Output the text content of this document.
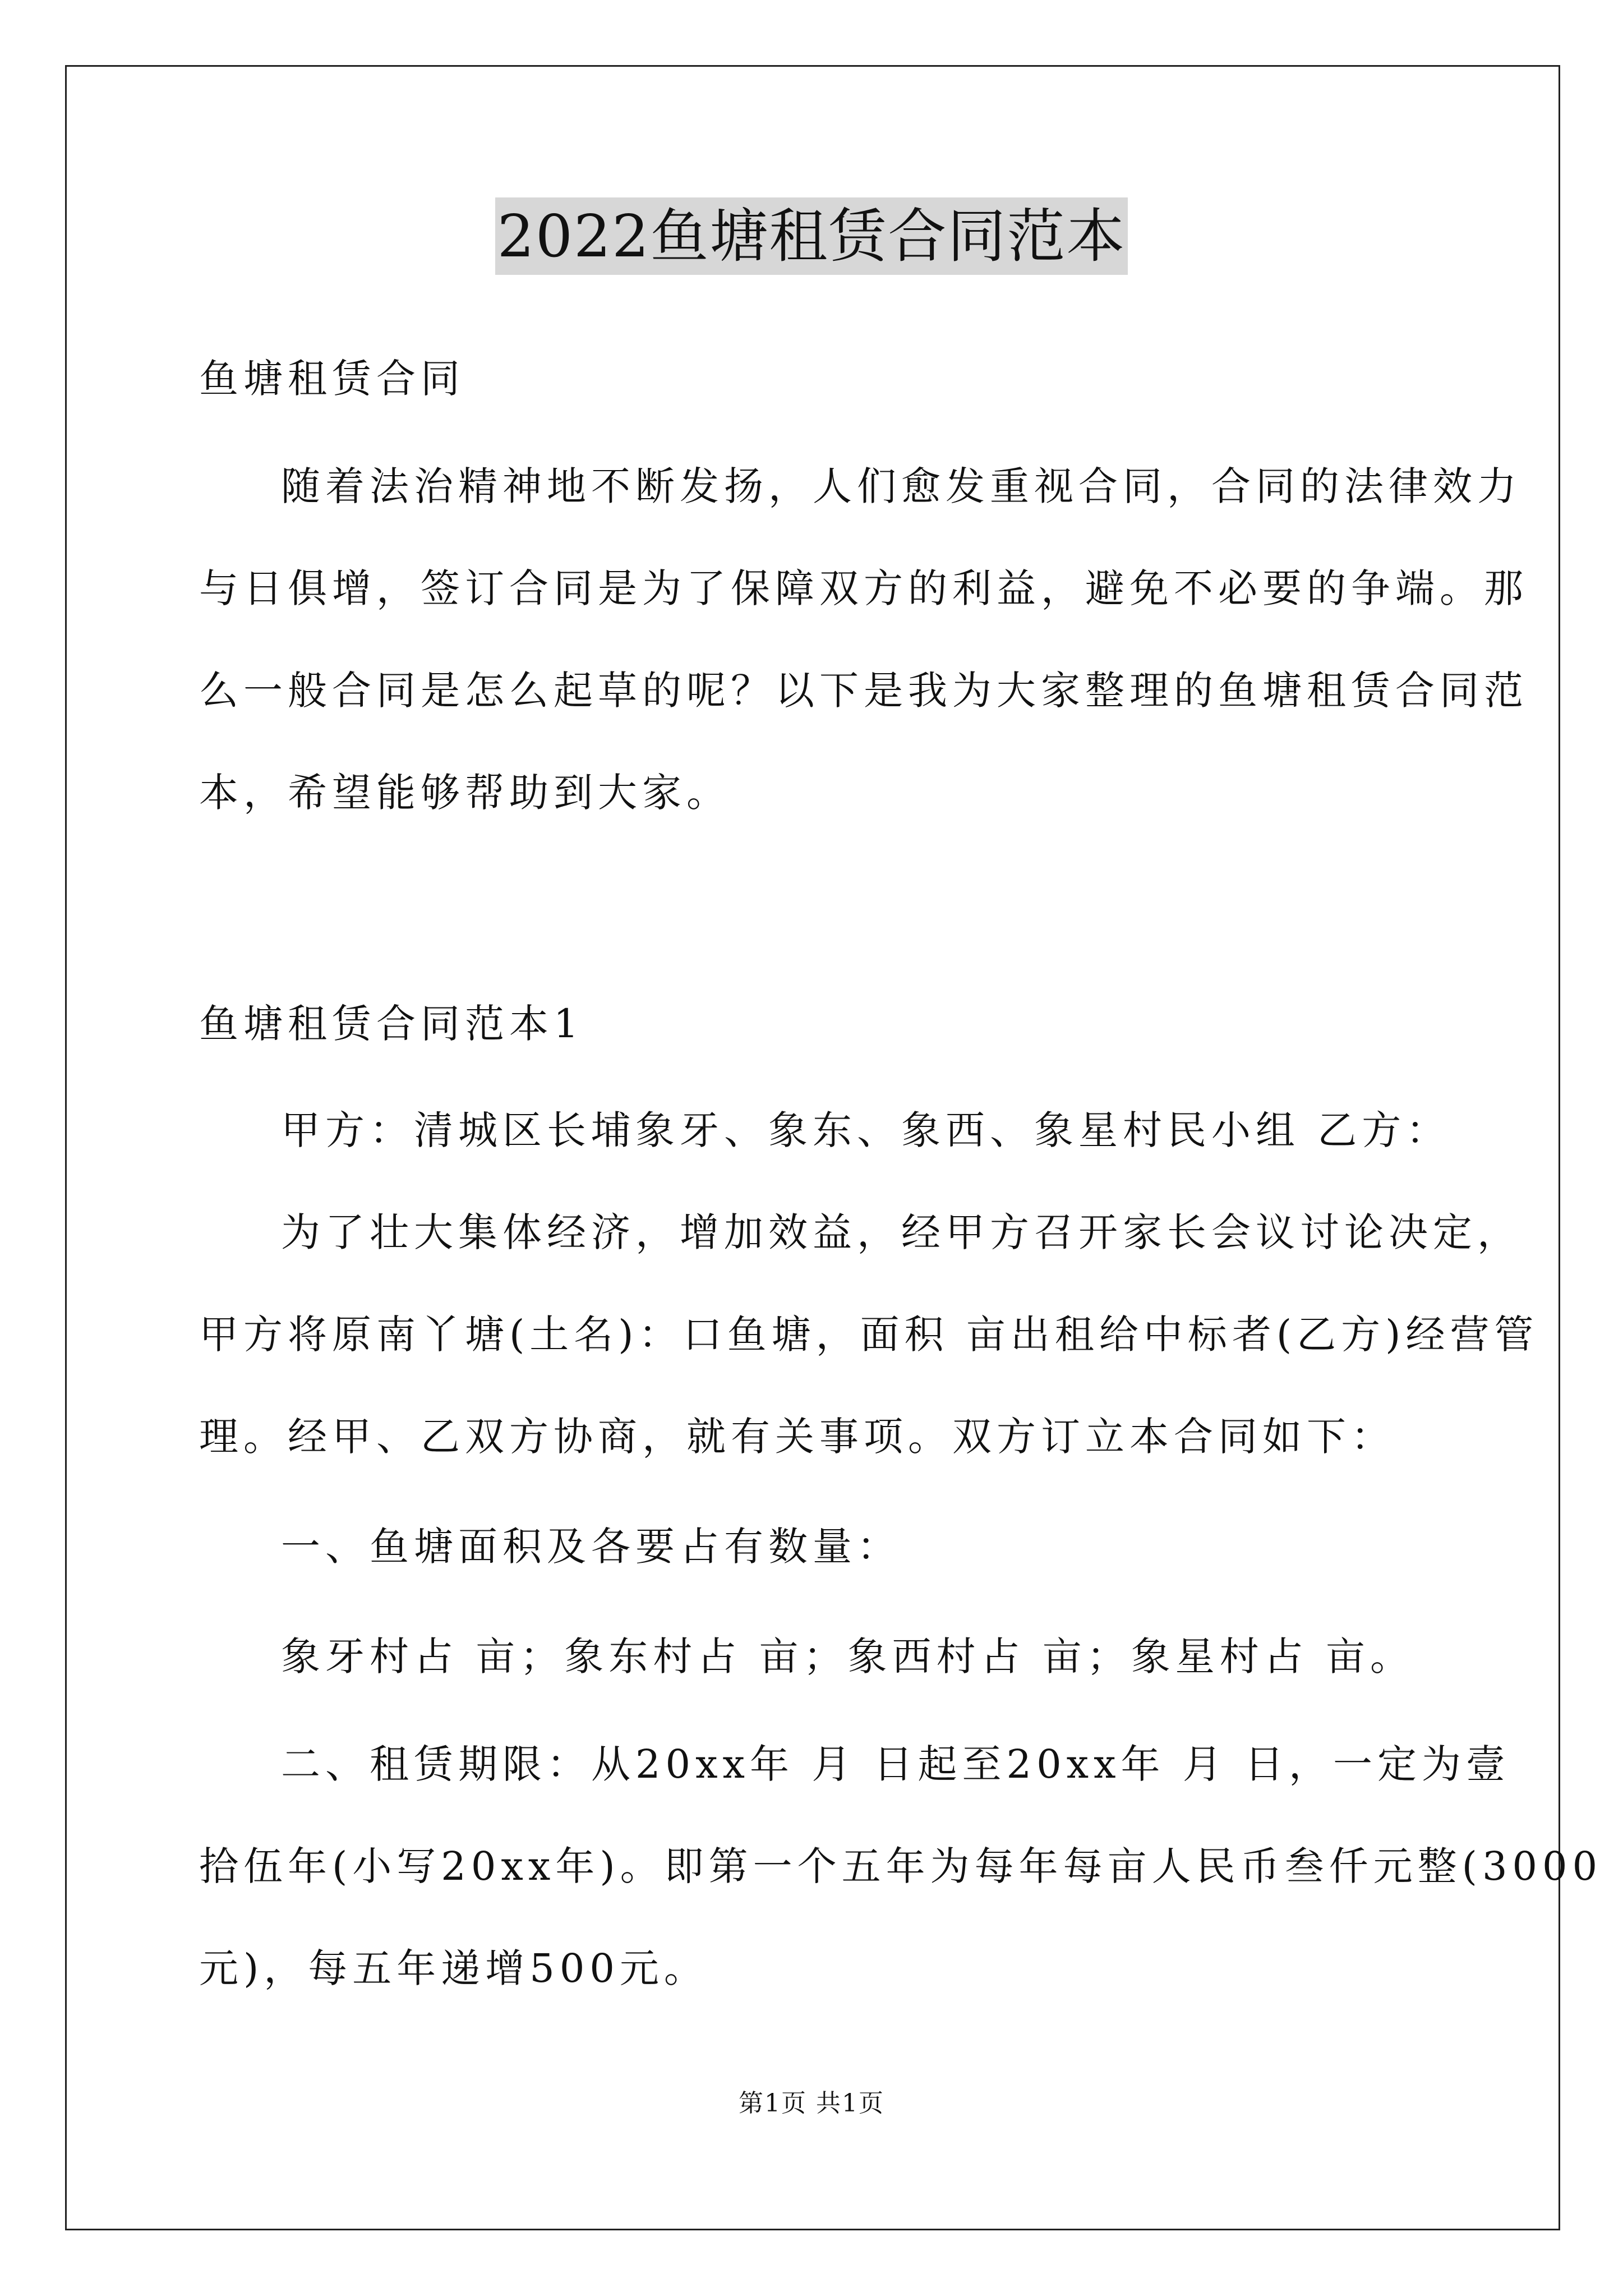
2022鱼塘租赁合同范本
鱼塘租赁合同
随着法治精神地不断发扬，人们愈发重视合同，合同的法律效力
与日俱增，签订合同是为了保障双方的利益，避免不必要的争端。那
么一般合同是怎么起草的呢？以下是我为大家整理的鱼塘租赁合同范
本，希望能够帮助到大家。
鱼塘租赁合同范本1
甲方：清城区长埔象牙、象东、象西、象星村民小组 乙方：
为了壮大集体经济，增加效益，经甲方召开家长会议讨论决定，
甲方将原南丫塘(土名)：口鱼塘，面积 亩出租给中标者(乙方)经营管
理。经甲、乙双方协商，就有关事项。双方订立本合同如下：
一、鱼塘面积及各要占有数量：
象牙村占 亩；象东村占 亩；象西村占 亩；象星村占 亩。
二、租赁期限：从20xx年 月 日起至20xx年 月 日，一定为壹
拾伍年(小写20xx年)。即第一个五年为每年每亩人民币叁仟元整(3000
元)，每五年递增500元。
第1页 共1页
